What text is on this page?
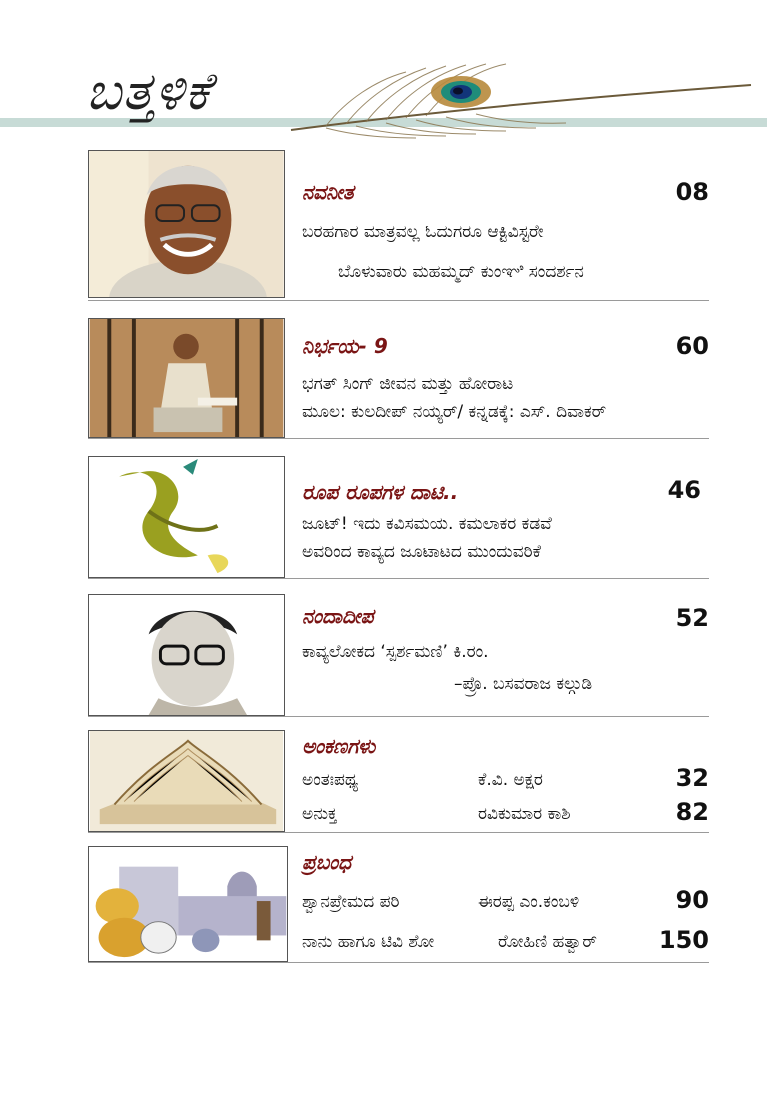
ಬತ್ತಳಿಕೆ
ನವನೀತ	08
ಬರಹಗಾರ ಮಾತ್ರವಲ್ಲ ಓದುಗರೂ ಆಕ್ಟಿವಿಸ್ಟರೇ
ಬೊಳುವಾರು ಮಹಮ್ಮದ್ ಕುಂಞಿ ಸಂದರ್ಶನ
ನಿರ್ಭಯ- 9	60
ಭಗತ್ ಸಿಂಗ್ ಜೀವನ ಮತ್ತು ಹೋರಾಟ
ಮೂಲ: ಕುಲದೀಪ್ ನಯ್ಯರ್/ ಕನ್ನಡಕ್ಕೆ: ಎಸ್. ದಿವಾಕರ್
ರೂಪ ರೂಪಗಳ ದಾಟಿ..	46
ಜೂಟ್! ಇದು ಕವಿಸಮಯ. ಕಮಲಾಕರ ಕಡವೆ
ಅವರಿಂದ ಕಾವ್ಯದ ಜೂಟಾಟದ ಮುಂದುವರಿಕೆ
ನಂದಾದೀಪ	52
ಕಾವ್ಯಲೋಕದ ‘ಸ್ಪರ್ಶಮಣಿ’ ಕಿ.ರಂ.
–ಪ್ರೊ. ಬಸವರಾಜ ಕಲ್ಗುಡಿ
ಅಂಕಣಗಳು
ಅಂತಃಪಥ್ಯ	ಕೆ.ವಿ. ಅಕ್ಷರ	32
ಅನುಕ್ತ	ರವಿಕುಮಾರ ಕಾಶಿ	82
ಪ್ರಬಂಧ
ಶ್ವಾನಪ್ರೇಮದ ಪರಿ	ಈರಪ್ಪ ಎಂ.ಕಂಬಳಿ	90
ನಾನು ಹಾಗೂ ಟಿವಿ ಶೋ	ರೋಹಿಣಿ ಹತ್ವಾರ್	150
